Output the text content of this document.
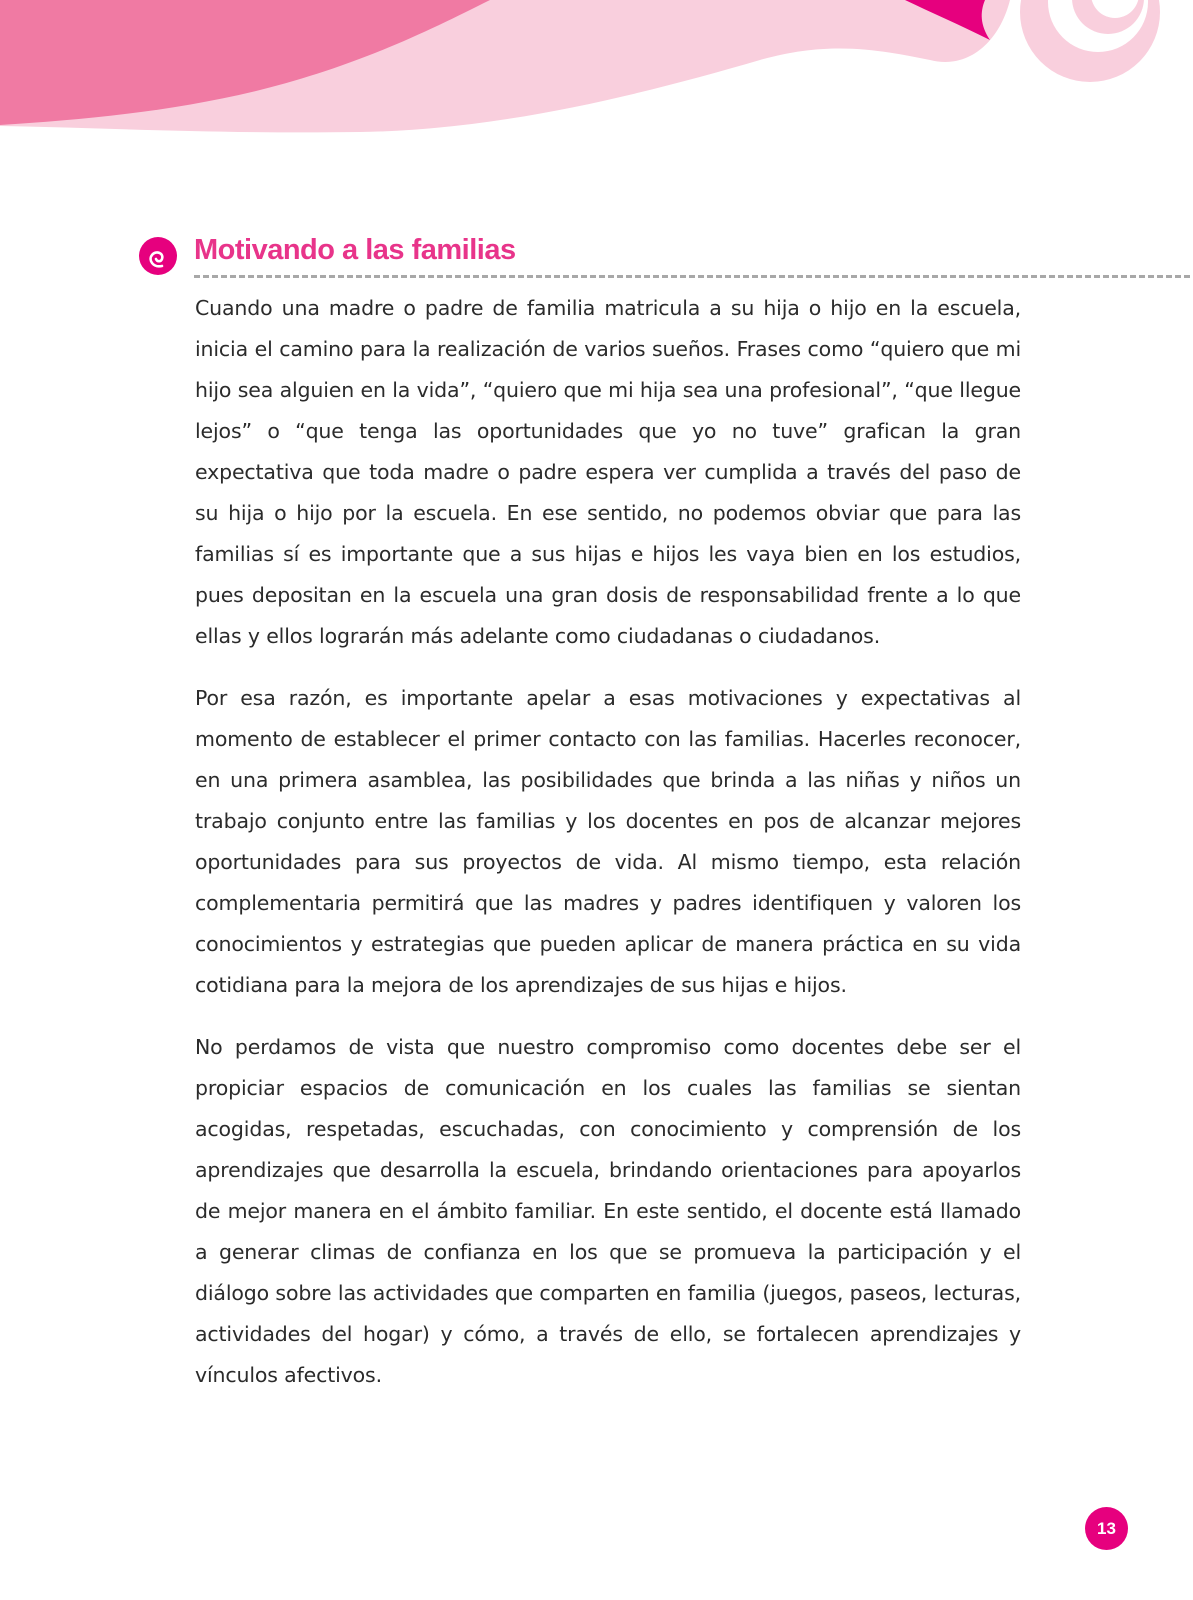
Motivando a las familias

Cuando una madre o padre de familia matricula a su hija o hijo en la escuela, inicia el camino para la realización de varios sueños. Frases como “quiero que mi hijo sea alguien en la vida”, “quiero que mi hija sea una profesional”, “que llegue lejos” o “que tenga las oportunidades que yo no tuve” grafican la gran expectativa que toda madre o padre espera ver cumplida a través del paso de su hija o hijo por la escuela. En ese sentido, no podemos obviar que para las familias sí es importante que a sus hijas e hijos les vaya bien en los estudios, pues depositan en la escuela una gran dosis de responsabilidad frente a lo que ellas y ellos lograrán más adelante como ciudadanas o ciudadanos.

Por esa razón, es importante apelar a esas motivaciones y expectativas al momento de establecer el primer contacto con las familias. Hacerles reconocer, en una primera asamblea, las posibilidades que brinda a las niñas y niños un trabajo conjunto entre las familias y los docentes en pos de alcanzar mejores oportunidades para sus proyectos de vida. Al mismo tiempo, esta relación complementaria permitirá que las madres y padres identifiquen y valoren los conocimientos y estrategias que pueden aplicar de manera práctica en su vida cotidiana para la mejora de los aprendizajes de sus hijas e hijos.

No perdamos de vista que nuestro compromiso como docentes debe ser el propiciar espacios de comunicación en los cuales las familias se sientan acogidas, respetadas, escuchadas, con conocimiento y comprensión de los aprendizajes que desarrolla la escuela, brindando orientaciones para apoyarlos de mejor manera en el ámbito familiar. En este sentido, el docente está llamado a generar climas de confianza en los que se promueva la participación y el diálogo sobre las actividades que comparten en familia (juegos, paseos, lecturas, actividades del hogar) y cómo, a través de ello, se fortalecen aprendizajes y vínculos afectivos.

13
